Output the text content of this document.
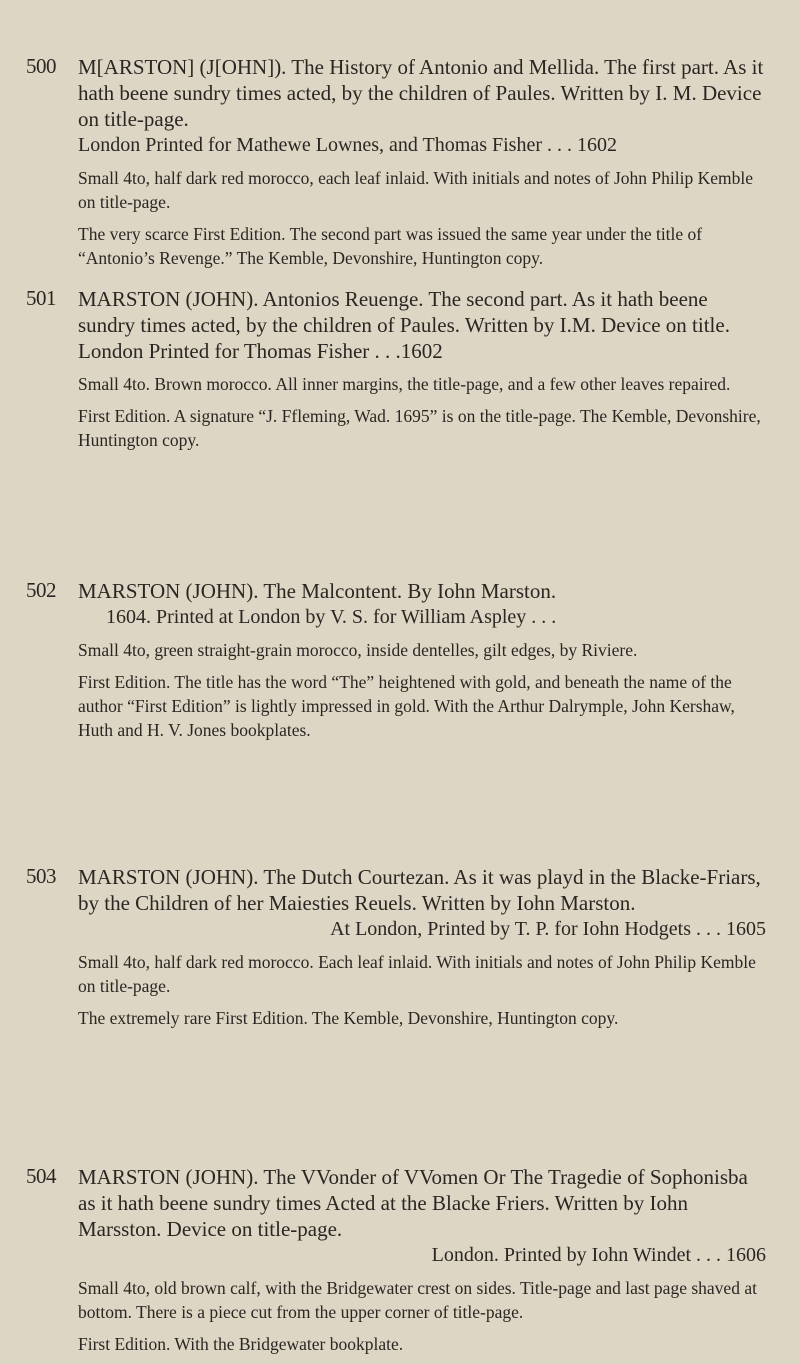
500 M[ARSTON] (J[OHN]). The History of Antonio and Mellida. The first part. As it hath beene sundry times acted, by the children of Paules. Written by I. M. Device on title-page.

London Printed for Mathewe Lownes, and Thomas Fisher . . . 1602

Small 4to, half dark red morocco, each leaf inlaid. With initials and notes of John Philip Kemble on title-page.

The very scarce First Edition. The second part was issued the same year under the title of “Antonio’s Revenge.” The Kemble, Devonshire, Huntington copy.

501 MARSTON (JOHN). Antonios Reuenge. The second part. As it hath beene sundry times acted, by the children of Paules. Written by I.M. Device on title. London Printed for Thomas Fisher . . .1602

Small 4to. Brown morocco. All inner margins, the title-page, and a few other leaves repaired.

First Edition. A signature “J. Ffleming, Wad. 1695” is on the title-page. The Kemble, Devonshire, Huntington copy.

502 MARSTON (JOHN). The Malcontent. By Iohn Marston.

1604. Printed at London by V. S. for William Aspley . . .

Small 4to, green straight-grain morocco, inside dentelles, gilt edges, by Riviere.

First Edition. The title has the word “The” heightened with gold, and beneath the name of the author “First Edition” is lightly impressed in gold. With the Arthur Dalrymple, John Kershaw, Huth and H. V. Jones bookplates.

503 MARSTON (JOHN). The Dutch Courtezan. As it was playd in the Blacke-Friars, by the Children of her Maiesties Reuels. Written by Iohn Marston.

At London, Printed by T. P. for Iohn Hodgets . . . 1605

Small 4to, half dark red morocco. Each leaf inlaid. With initials and notes of John Philip Kemble on title-page.

The extremely rare First Edition. The Kemble, Devonshire, Huntington copy.

504 MARSTON (JOHN). The VVonder of VVomen Or The Tragedie of Sophonisba as it hath beene sundry times Acted at the Blacke Friers. Written by Iohn Marsston. Device on title-page.

London. Printed by Iohn Windet . . . 1606

Small 4to, old brown calf, with the Bridgewater crest on sides. Title-page and last page shaved at bottom. There is a piece cut from the upper corner of title-page.

First Edition. With the Bridgewater bookplate.
